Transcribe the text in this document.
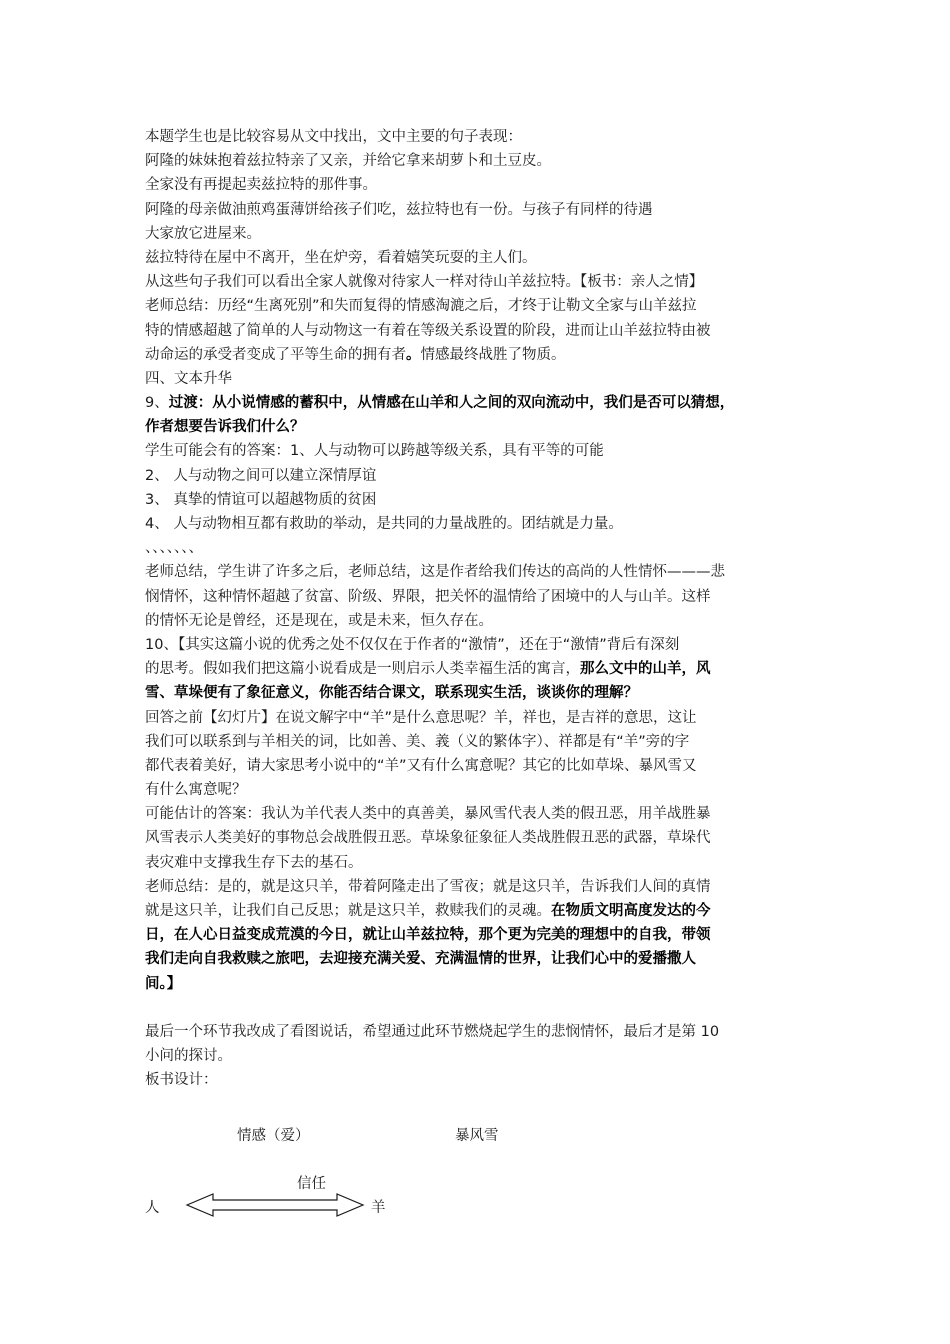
本题学生也是比较容易从文中找出，文中主要的句子表现：
阿隆的妹妹抱着兹拉特亲了又亲，并给它拿来胡萝卜和土豆皮。
全家没有再提起卖兹拉特的那件事。
阿隆的母亲做油煎鸡蛋薄饼给孩子们吃，兹拉特也有一份。与孩子有同样的待遇
大家放它进屋来。
兹拉特待在屋中不离开，坐在炉旁，看着嬉笑玩耍的主人们。
从这些句子我们可以看出全家人就像对待家人一样对待山羊兹拉特。【板书：亲人之情】
老师总结：历经“生离死别”和失而复得的情感淘漉之后，才终于让勒文全家与山羊兹拉
特的情感超越了简单的人与动物这一有着在等级关系设置的阶段，进而让山羊兹拉特由被
动命运的承受者变成了平等生命的拥有者。情感最终战胜了物质。
四、文本升华
9、过渡：从小说情感的蓄积中，从情感在山羊和人之间的双向流动中，我们是否可以猜想，
作者想要告诉我们什么？
学生可能会有的答案：1、人与动物可以跨越等级关系，具有平等的可能
2、 人与动物之间可以建立深情厚谊
3、 真挚的情谊可以超越物质的贫困
4、 人与动物相互都有救助的举动，是共同的力量战胜的。团结就是力量。
、、、、、、、
老师总结，学生讲了许多之后，老师总结，这是作者给我们传达的高尚的人性情怀———悲
悯情怀，这种情怀超越了贫富、阶级、界限，把关怀的温情给了困境中的人与山羊。这样
的情怀无论是曾经，还是现在，或是未来，恒久存在。
10、【其实这篇小说的优秀之处不仅仅在于作者的“激情”，还在于“激情”背后有深刻
的思考。假如我们把这篇小说看成是一则启示人类幸福生活的寓言，那么文中的山羊，风
雪、草垛便有了象征意义，你能否结合课文，联系现实生活，谈谈你的理解？
回答之前【幻灯片】在说文解字中“羊”是什么意思呢？羊，祥也，是吉祥的意思，这让
我们可以联系到与羊相关的词，比如善、美、義（义的繁体字）、祥都是有“羊”旁的字
都代表着美好，请大家思考小说中的“羊”又有什么寓意呢？其它的比如草垛、暴风雪又
有什么寓意呢？
可能估计的答案：我认为羊代表人类中的真善美，暴风雪代表人类的假丑恶，用羊战胜暴
风雪表示人类美好的事物总会战胜假丑恶。草垛象征象征人类战胜假丑恶的武器，草垛代
表灾难中支撑我生存下去的基石。
老师总结：是的，就是这只羊，带着阿隆走出了雪夜；就是这只羊，告诉我们人间的真情
就是这只羊，让我们自己反思；就是这只羊，救赎我们的灵魂。在物质文明高度发达的今
日，在人心日益变成荒漠的今日，就让山羊兹拉特，那个更为完美的理想中的自我，带领
我们走向自我救赎之旅吧，去迎接充满关爱、充满温情的世界，让我们心中的爱播撒人
间。】
最后一个环节我改成了看图说话，希望通过此环节燃烧起学生的悲悯情怀，最后才是第 10
小问的探讨。
板书设计：
情感（爱）	暴风雪
信任
人	羊
